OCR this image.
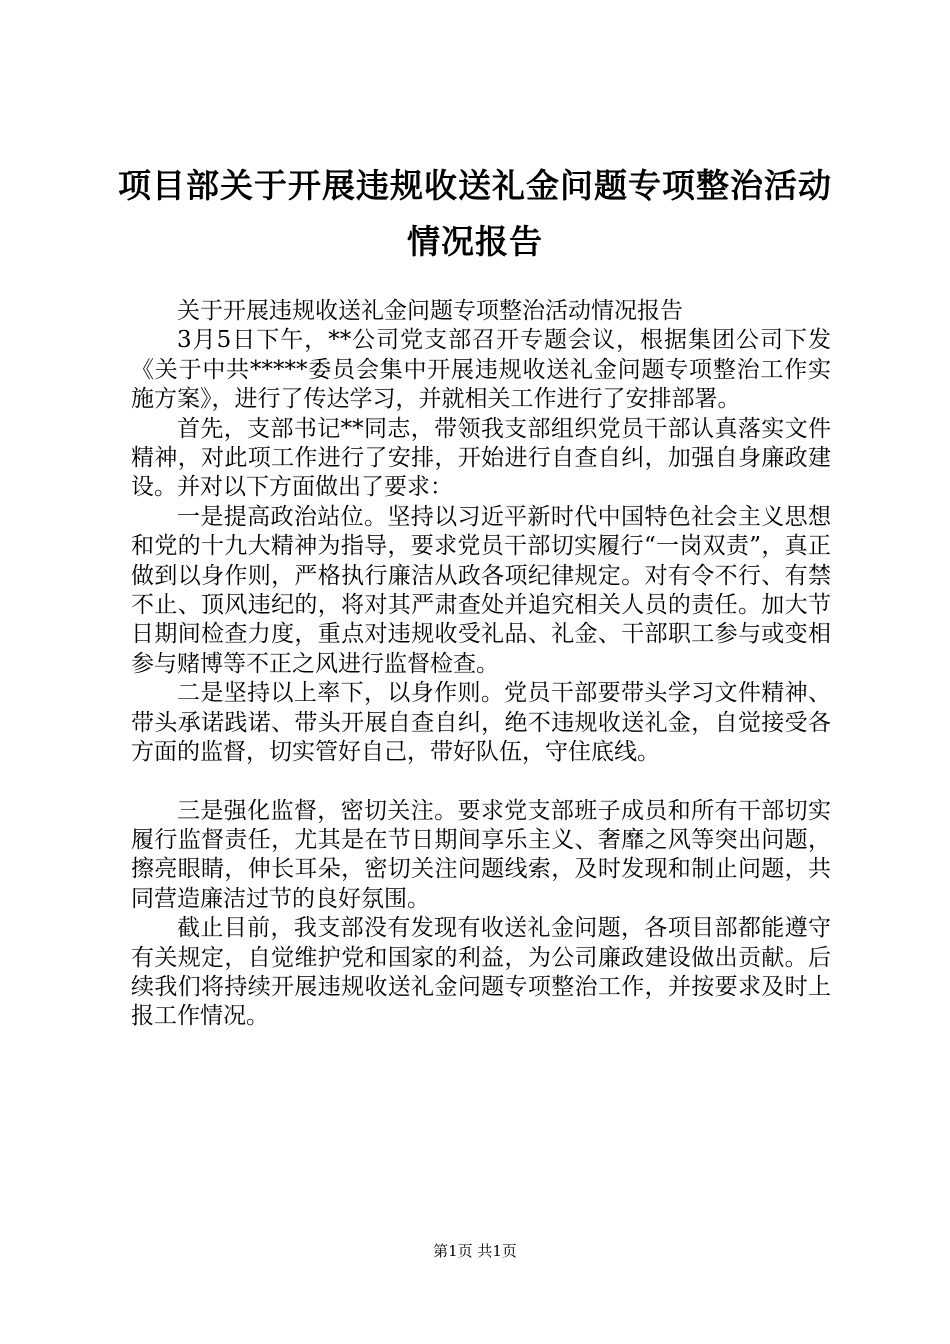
项目部关于开展违规收送礼金问题专项整治活动情况报告

关于开展违规收送礼金问题专项整治活动情况报告

3月5日下午，**公司党支部召开专题会议，根据集团公司下发《关于中共*****委员会集中开展违规收送礼金问题专项整治工作实施方案》，进行了传达学习，并就相关工作进行了安排部署。

首先，支部书记**同志，带领我支部组织党员干部认真落实文件精神，对此项工作进行了安排，开始进行自查自纠，加强自身廉政建设。并对以下方面做出了要求：

一是提高政治站位。坚持以习近平新时代中国特色社会主义思想和党的十九大精神为指导，要求党员干部切实履行“一岗双责”，真正做到以身作则，严格执行廉洁从政各项纪律规定。对有令不行、有禁不止、顶风违纪的，将对其严肃查处并追究相关人员的责任。加大节日期间检查力度，重点对违规收受礼品、礼金、干部职工参与或变相参与赌博等不正之风进行监督检查。

二是坚持以上率下，以身作则。党员干部要带头学习文件精神、带头承诺践诺、带头开展自查自纠，绝不违规收送礼金，自觉接受各方面的监督，切实管好自己，带好队伍，守住底线。

三是强化监督，密切关注。要求党支部班子成员和所有干部切实履行监督责任，尤其是在节日期间享乐主义、奢靡之风等突出问题，擦亮眼睛，伸长耳朵，密切关注问题线索，及时发现和制止问题，共同营造廉洁过节的良好氛围。

截止目前，我支部没有发现有收送礼金问题，各项目部都能遵守有关规定，自觉维护党和国家的利益，为公司廉政建设做出贡献。后续我们将持续开展违规收送礼金问题专项整治工作，并按要求及时上报工作情况。

第1页 共1页
